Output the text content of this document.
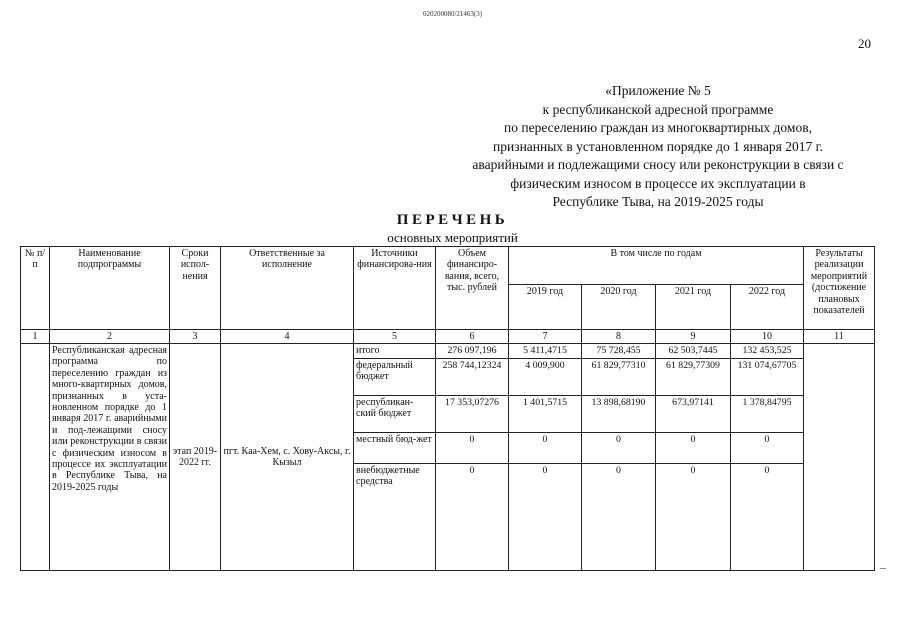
620200080/21463(3)
20
«Приложение № 5
к республиканской адресной программе
по переселению граждан из многоквартирных домов,
признанных в установленном порядке до 1 января 2017 г.
аварийными и подлежащими сносу или реконструкции в связи с
физическим износом в процессе их эксплуатации в
Республике Тыва, на 2019-2025 годы
ПЕРЕЧЕНЬ
основных мероприятий
№ п/п	Наименование подпрограммы	Сроки испол-нения	Ответственные за исполнение	Источники финансирова-ния	Объем финансиро-вания, всего, тыс. рублей	В том числе по годам				Результаты реализации мероприятий (достижение плановых показателей
						2019 год	2020 год	2021 год	2022 год	
1	2	3	4	5	6	7	8	9	10	11
	Республиканская адресная программа по переселению граждан из много-квартирных домов, признанных в уста-новленном порядке до 1 января 2017 г. аварийными и под-лежащими сносу или реконструкции в связи с физическим износом в процессе их эксплуатации в Республике Тыва, на 2019-2025 годы	этап 2019-2022 гг.	пгт. Каа-Хем, с. Хову-Аксы, г. Кызыл	итого	276 097,196	5 411,4715	75 728,455	62 503,7445	132 453,525	
				федеральный бюджет	258 744,12324	4 009,900	61 829,77310	61 829,77309	131 074,67705	
				республикан-ский бюджет	17 353,07276	1 401,5715	13 898,68190	673,97141	1 378,84795	
				местный бюд-жет	0	0	0	0	0	
				внебюджетные средства	0	0	0	0	0	
